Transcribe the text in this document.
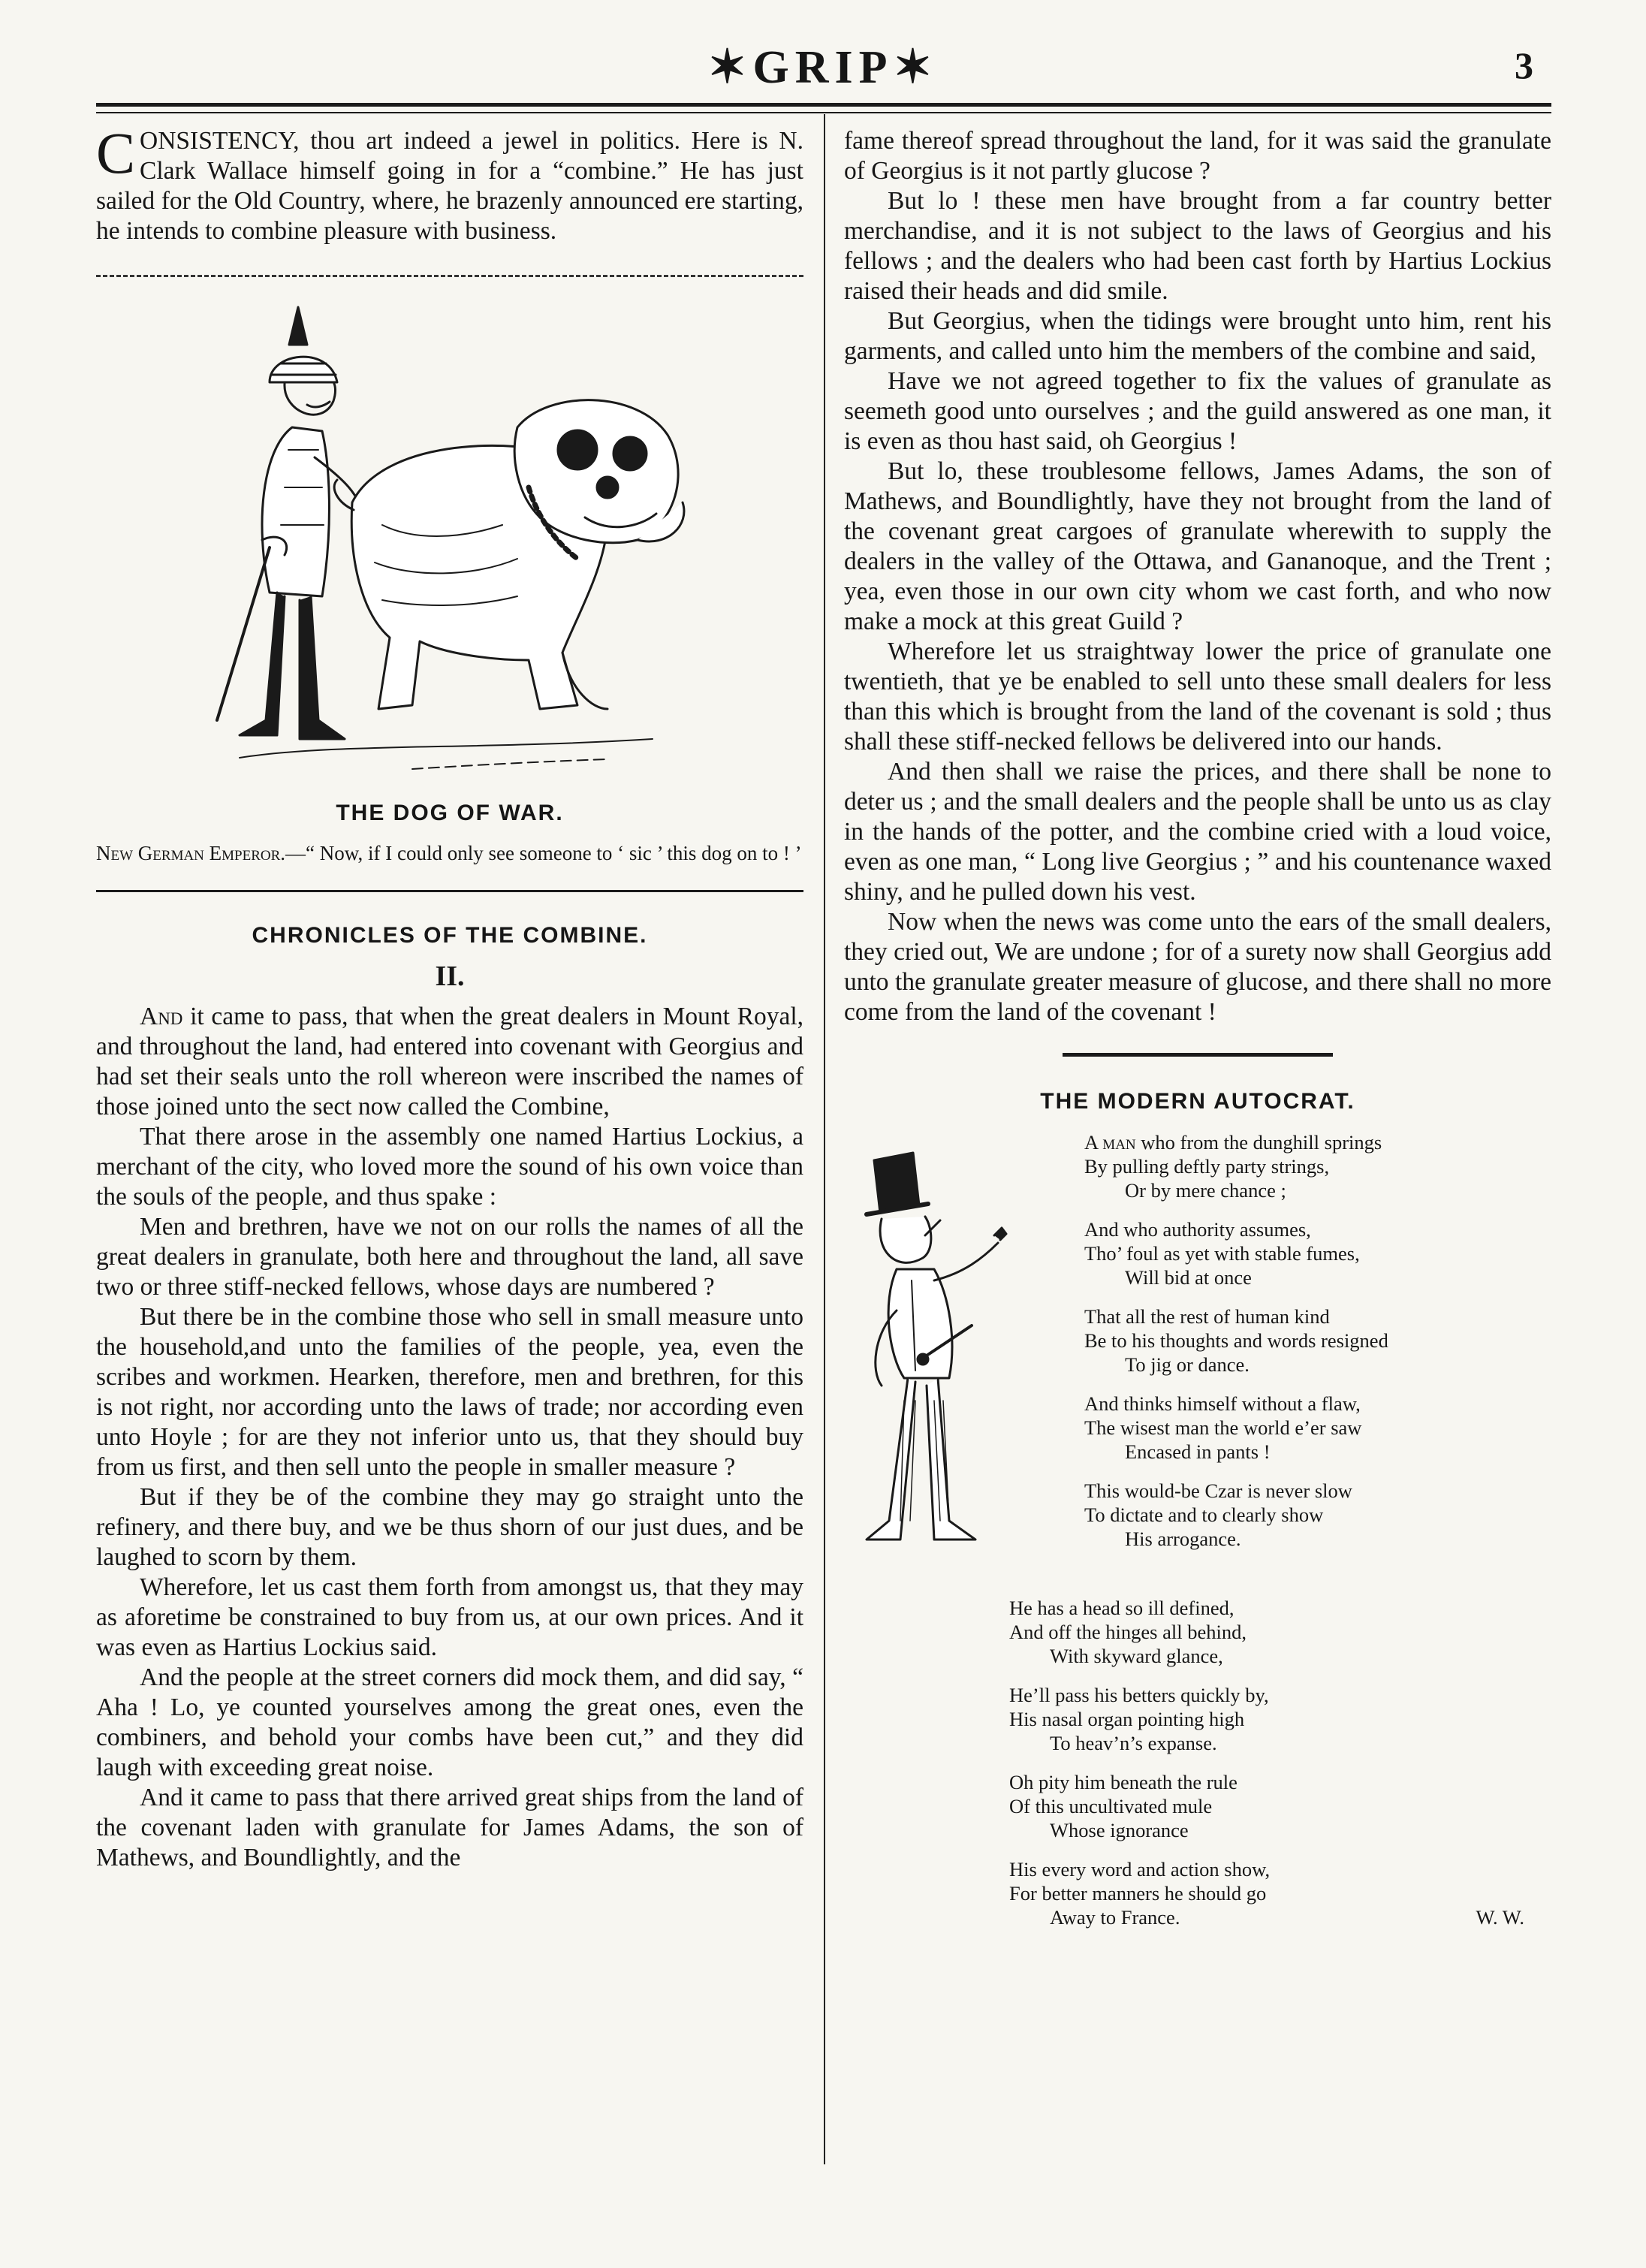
✶GRIP✶	3

CONSISTENCY, thou art indeed a jewel in politics. Here is N. Clark Wallace himself going in for a “combine.” He has just sailed for the Old Country, where, he brazenly announced ere starting, he intends to combine pleasure with business.

THE DOG OF WAR.
New German Emperor.—“ Now, if I could only see someone to ‘ sic ’ this dog on to ! ’
CHRONICLES OF THE COMBINE.
II.

And it came to pass, that when the great dealers in Mount Royal, and throughout the land, had entered into covenant with Georgius and had set their seals unto the roll whereon were inscribed the names of those joined unto the sect now called the Combine,

That there arose in the assembly one named Hartius Lockius, a merchant of the city, who loved more the sound of his own voice than the souls of the people, and thus spake :

Men and brethren, have we not on our rolls the names of all the great dealers in granulate, both here and throughout the land, all save two or three stiff-necked fellows, whose days are numbered ?

But there be in the combine those who sell in small measure unto the household,and unto the families of the people, yea, even the scribes and workmen. Hearken, therefore, men and brethren, for this is not right, nor according unto the laws of trade; nor according even unto Hoyle ; for are they not inferior unto us, that they should buy from us first, and then sell unto the people in smaller measure ?

But if they be of the combine they may go straight unto the refinery, and there buy, and we be thus shorn of our just dues, and be laughed to scorn by them.

Wherefore, let us cast them forth from amongst us, that they may as aforetime be constrained to buy from us, at our own prices. And it was even as Hartius Lockius said.

And the people at the street corners did mock them, and did say, “ Aha ! Lo, ye counted yourselves among the great ones, even the combiners, and behold your combs have been cut,” and they did laugh with exceeding great noise.

And it came to pass that there arrived great ships from the land of the covenant laden with granulate for James Adams, the son of Mathews, and Boundlightly, and the

fame thereof spread throughout the land, for it was said the granulate of Georgius is it not partly glucose ?

But lo ! these men have brought from a far country better merchandise, and it is not subject to the laws of Georgius and his fellows ; and the dealers who had been cast forth by Hartius Lockius raised their heads and did smile.

But Georgius, when the tidings were brought unto him, rent his garments, and called unto him the members of the combine and said,

Have we not agreed together to fix the values of granulate as seemeth good unto ourselves ; and the guild answered as one man, it is even as thou hast said, oh Georgius !

But lo, these troublesome fellows, James Adams, the son of Mathews, and Boundlightly, have they not brought from the land of the covenant great cargoes of granulate wherewith to supply the dealers in the valley of the Ottawa, and Gananoque, and the Trent ; yea, even those in our own city whom we cast forth, and who now make a mock at this great Guild ?

Wherefore let us straightway lower the price of granulate one twentieth, that ye be enabled to sell unto these small dealers for less than this which is brought from the land of the covenant is sold ; thus shall these stiff-necked fellows be delivered into our hands.

And then shall we raise the prices, and there shall be none to deter us ; and the small dealers and the people shall be unto us as clay in the hands of the potter, and the combine cried with a loud voice, even as one man, “ Long live Georgius ; ” and his countenance waxed shiny, and he pulled down his vest.

Now when the news was come unto the ears of the small dealers, they cried out, We are undone ; for of a surety now shall Georgius add unto the granulate greater measure of glucose, and there shall no more come from the land of the covenant !

THE MODERN AUTOCRAT.
A man who from the dunghill springs
By pulling deftly party strings,
Or by mere chance ;
And who authority assumes,
Tho’ foul as yet with stable fumes,
Will bid at once
That all the rest of human kind
Be to his thoughts and words resigned
To jig or dance.
And thinks himself without a flaw,
The wisest man the world e’er saw
Encased in pants !
This would-be Czar is never slow
To dictate and to clearly show
His arrogance.
He has a head so ill defined,
And off the hinges all behind,
With skyward glance,
He’ll pass his betters quickly by,
His nasal organ pointing high
To heav’n’s expanse.
Oh pity him beneath the rule
Of this uncultivated mule
Whose ignorance
His every word and action show,
For better manners he should go
Away to France.	W. W.
